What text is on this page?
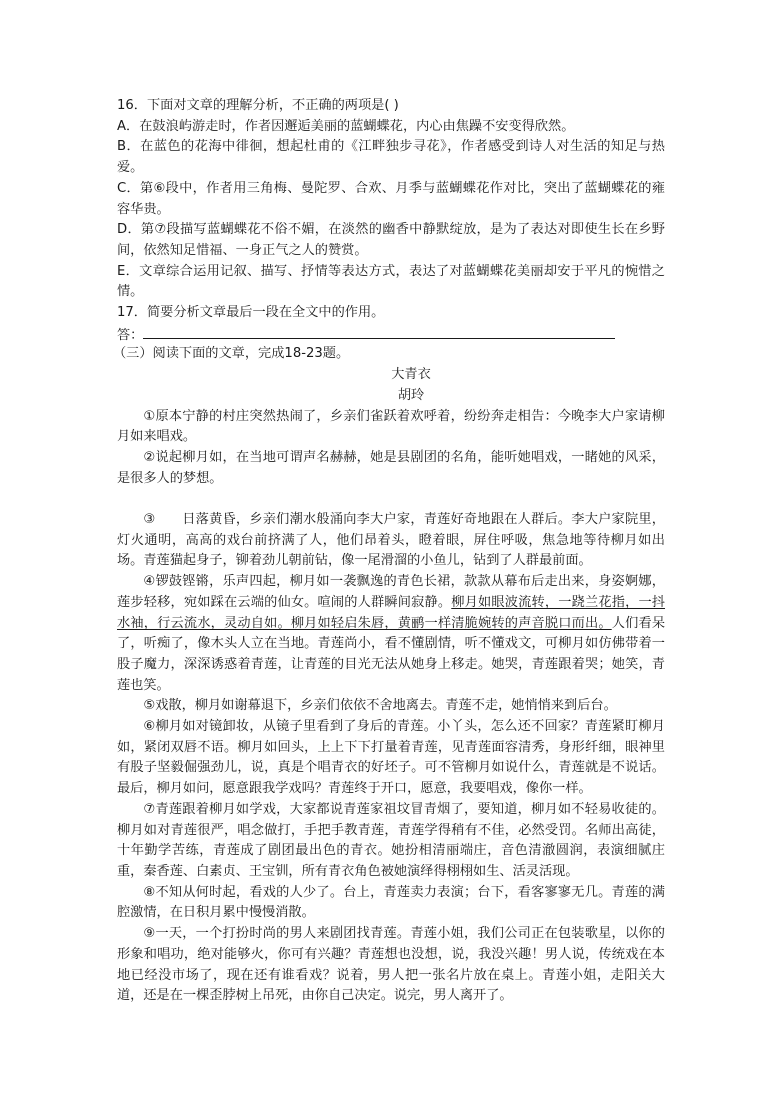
16．下面对文章的理解分析，不正确的两项是( )
A．在鼓浪屿游走时，作者因邂逅美丽的蓝蝴蝶花，内心由焦躁不安变得欣然。
B．在蓝色的花海中徘徊，想起杜甫的《江畔独步寻花》，作者感受到诗人对生活的知足与热爱。
C．第⑥段中，作者用三角梅、曼陀罗、合欢、月季与蓝蝴蝶花作对比，突出了蓝蝴蝶花的雍容华贵。
D．第⑦段描写蓝蝴蝶花不俗不媚，在淡然的幽香中静默绽放，是为了表达对即使生长在乡野间，依然知足惜福、一身正气之人的赞赏。
E．文章综合运用记叙、描写、抒情等表达方式，表达了对蓝蝴蝶花美丽却安于平凡的惋惜之情。
17．简要分析文章最后一段在全文中的作用。
答：
（三）阅读下面的文章，完成18-23题。
大青衣
胡玲
①原本宁静的村庄突然热闹了，乡亲们雀跃着欢呼着，纷纷奔走相告：今晚李大户家请柳月如来唱戏。
②说起柳月如，在当地可谓声名赫赫，她是县剧团的名角，能听她唱戏，一睹她的风采，是很多人的梦想。
③　　日落黄昏，乡亲们潮水般涌向李大户家，青莲好奇地跟在人群后。李大户家院里，灯火通明，高高的戏台前挤满了人，他们昂着头，瞪着眼，屏住呼吸，焦急地等待柳月如出场。青莲猫起身子，铆着劲儿朝前钻，像一尾滑溜的小鱼儿，钻到了人群最前面。
④锣鼓铿锵，乐声四起，柳月如一袭飘逸的青色长裙，款款从幕布后走出来，身姿婀娜，莲步轻移，宛如踩在云端的仙女。喧闹的人群瞬间寂静。柳月如眼波流转，一跷兰花指，一抖水袖，行云流水，灵动自如。柳月如轻启朱唇，黄鹂一样清脆婉转的声音脱口而出。人们看呆了，听痴了，像木头人立在当地。青莲尚小，看不懂剧情，听不懂戏文，可柳月如仿佛带着一股子魔力，深深诱惑着青莲，让青莲的目光无法从她身上移走。她哭，青莲跟着哭；她笑，青莲也笑。
⑤戏散，柳月如谢幕退下，乡亲们依依不舍地离去。青莲不走，她悄悄来到后台。
⑥柳月如对镜卸妆，从镜子里看到了身后的青莲。小丫头，怎么还不回家？青莲紧盯柳月如，紧闭双唇不语。柳月如回头，上上下下打量着青莲，见青莲面容清秀，身形纤细，眼神里有股子坚毅倔强劲儿，说，真是个唱青衣的好坯子。可不管柳月如说什么，青莲就是不说话。最后，柳月如问，愿意跟我学戏吗？青莲终于开口，愿意，我要唱戏，像你一样。
⑦青莲跟着柳月如学戏，大家都说青莲家祖坟冒青烟了，要知道，柳月如不轻易收徒的。柳月如对青莲很严，唱念做打，手把手教青莲，青莲学得稍有不佳，必然受罚。名师出高徒，十年勤学苦练，青莲成了剧团最出色的青衣。她扮相清丽端庄，音色清澈圆润，表演细腻庄重，秦香莲、白素贞、王宝钏，所有青衣角色被她演绎得栩栩如生、活灵活现。
⑧不知从何时起，看戏的人少了。台上，青莲卖力表演；台下，看客寥寥无几。青莲的满腔激情，在日积月累中慢慢消散。
⑨一天，一个打扮时尚的男人来剧团找青莲。青莲小姐，我们公司正在包装歌星，以你的形象和唱功，绝对能够火，你可有兴趣？青莲想也没想，说，我没兴趣！男人说，传统戏在本地已经没市场了，现在还有谁看戏？说着，男人把一张名片放在桌上。青莲小姐，走阳关大道，还是在一棵歪脖树上吊死，由你自己决定。说完，男人离开了。
